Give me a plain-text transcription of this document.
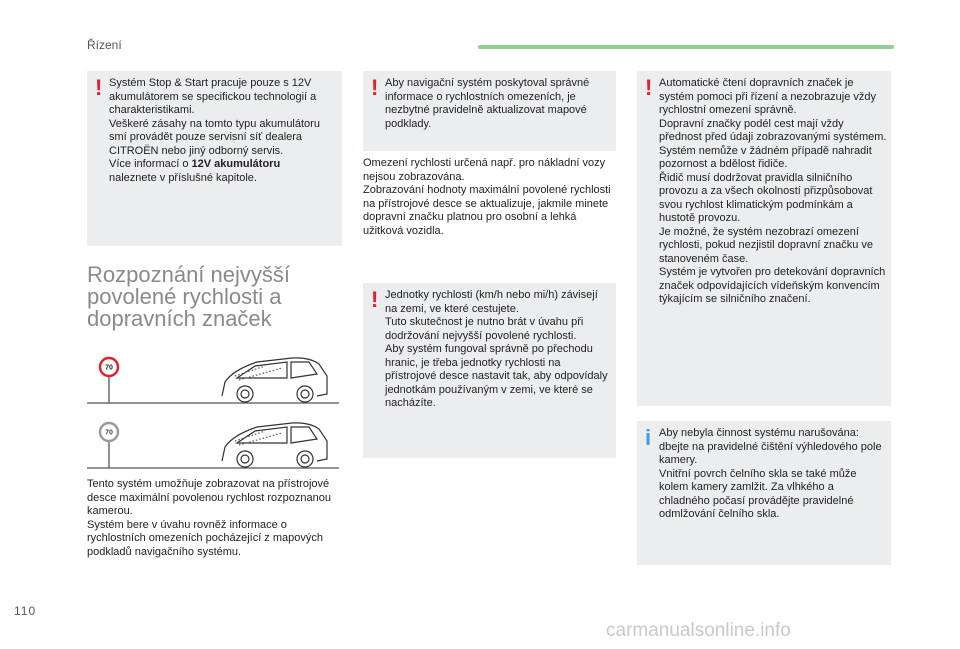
Řízení
! Systém Stop & Start pracuje pouze s 12V akumulátorem se specifickou technologií a charakteristikami.
Veškeré zásahy na tomto typu akumulátoru smí provádět pouze servisní síť dealera CITROËN nebo jiný odborný servis.
Více informací o 12V akumulátoru
naleznete v příslušné kapitole.
! Aby navigační systém poskytoval správné informace o rychlostních omezeních, je nezbytné pravidelně aktualizovat mapové podklady.
Omezení rychlosti určená např. pro nákladní vozy nejsou zobrazována.
Zobrazování hodnoty maximální povolené rychlosti na přístrojové desce se aktualizuje, jakmile minete dopravní značku platnou pro osobní a lehká užitková vozidla.
! Jednotky rychlosti (km/h nebo mi/h) závisejí na zemi, ve které cestujete.
Tuto skutečnost je nutno brát v úvahu při dodržování nejvyšší povolené rychlosti.
Aby systém fungoval správně po přechodu hranic, je třeba jednotky rychlosti na přístrojové desce nastavit tak, aby odpovídaly jednotkám používaným v zemi, ve které se nacházíte.
! Automatické čtení dopravních značek je systém pomoci při řízení a nezobrazuje vždy rychlostní omezení správně.
Dopravní značky podél cest mají vždy přednost před údaji zobrazovanými systémem.
Systém nemůže v žádném případě nahradit pozornost a bdělost řidiče.
Řidič musí dodržovat pravidla silničního provozu a za všech okolností přizpůsobovat svou rychlost klimatickým podmínkám a hustotě provozu.
Je možné, že systém nezobrazí omezení rychlosti, pokud nezjistil dopravní značku ve stanoveném čase.
Systém je vytvořen pro detekování dopravních značek odpovídajících vídeňským konvencím týkajícím se silničního značení.
i Aby nebyla činnost systému narušována: dbejte na pravidelné čištění výhledového pole kamery.
Vnitřní povrch čelního skla se také může kolem kamery zamlžit. Za vlhkého a chladného počasí provádějte pravidelné odmlžování čelního skla.
Rozpoznání nejvyšší
povolené rychlosti a
dopravních značek
70
70
Tento systém umožňuje zobrazovat na přístrojové desce maximální povolenou rychlost rozpoznanou kamerou.
Systém bere v úvahu rovněž informace o rychlostních omezeních pocházející z mapových podkladů navigačního systému.
110
carmanualsonline.info
